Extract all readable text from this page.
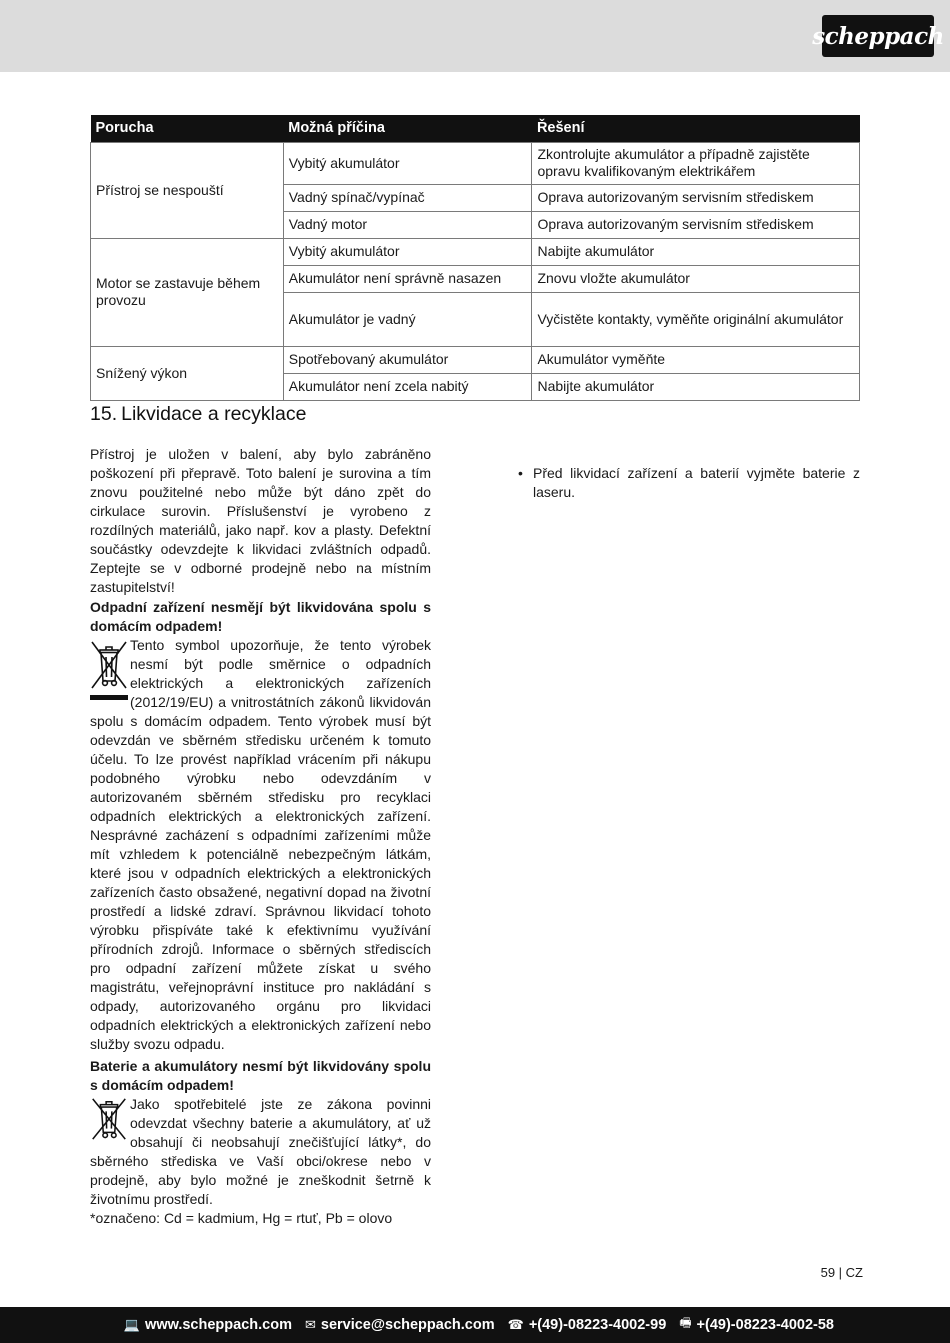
scheppach
Porucha	Možná příčina	Řešení
Přístroj se nespouští	Vybitý akumulátor	Zkontrolujte akumulátor a případně zajistěte opravu kvalifikovaným elektrikářem
	Vadný spínač/vypínač	Oprava autorizovaným servisním střediskem
	Vadný motor	Oprava autorizovaným servisním střediskem
Motor se zastavuje během provozu	Vybitý akumulátor	Nabijte akumulátor
	Akumulátor není správně nasazen	Znovu vložte akumulátor
	Akumulátor je vadný	Vyčistěte kontakty, vyměňte originální akumulátor
Snížený výkon	Spotřebovaný akumulátor	Akumulátor vyměňte
	Akumulátor není zcela nabitý	Nabijte akumulátor
15. Likvidace a recyklace

Přístroj je uložen v balení, aby bylo zabráněno poškození při přepravě. Toto balení je surovina a tím znovu použitelné nebo může být dáno zpět do cirkulace surovin. Příslušenství je vyrobeno z rozdílných materiálů, jako např. kov a plasty. Defektní součástky odevzdejte k likvidaci zvláštních odpadů. Zeptejte se v odborné prodejně nebo na místním zastupitelství!

Odpadní zařízení nesmějí být likvidována spolu s domácím odpadem!
Tento symbol upozorňuje, že tento výrobek nesmí být podle směrnice o odpadních elektrických a elektronických zařízeních (2012/19/EU) a vnitrostátních zákonů likvidován spolu s domácím odpadem. Tento výrobek musí být odevzdán ve sběrném středisku určeném k tomuto účelu. To lze provést například vrácením při nákupu podobného výrobku nebo odevzdáním v autorizovaném sběrném středisku pro recyklaci odpadních elektrických a elektronických zařízení. Nesprávné zacházení s odpadními zařízeními může mít vzhledem k potenciálně nebezpečným látkám, které jsou v odpadních elektrických a elektronických zařízeních často obsažené, negativní dopad na životní prostředí a lidské zdraví. Správnou likvidací tohoto výrobku přispíváte také k efektivnímu využívání přírodních zdrojů. Informace o sběrných střediscích pro odpadní zařízení můžete získat u svého magistrátu, veřejnoprávní instituce pro nakládání s odpady, autorizovaného orgánu pro likvidaci odpadních elektrických a elektronických zařízení nebo služby svozu odpadu.
Baterie a akumulátory nesmí být likvidovány spolu s domácím odpadem!
Jako spotřebitelé jste ze zákona povinni odevzdat všechny baterie a akumulátory, ať už obsahují či neobsahují znečišťující látky*, do sběrného střediska ve Vaší obci/okrese nebo v prodejně, aby bylo možné je zneškodnit šetrně k životnímu prostředí.
*označeno: Cd = kadmium, Hg = rtuť, Pb = olovo
• Před likvidací zařízení a baterií vyjměte baterie z laseru.
59 | CZ
💻 www.scheppach.com ✉ service@scheppach.com ☎ +(49)-08223-4002-99 🖷 +(49)-08223-4002-58
